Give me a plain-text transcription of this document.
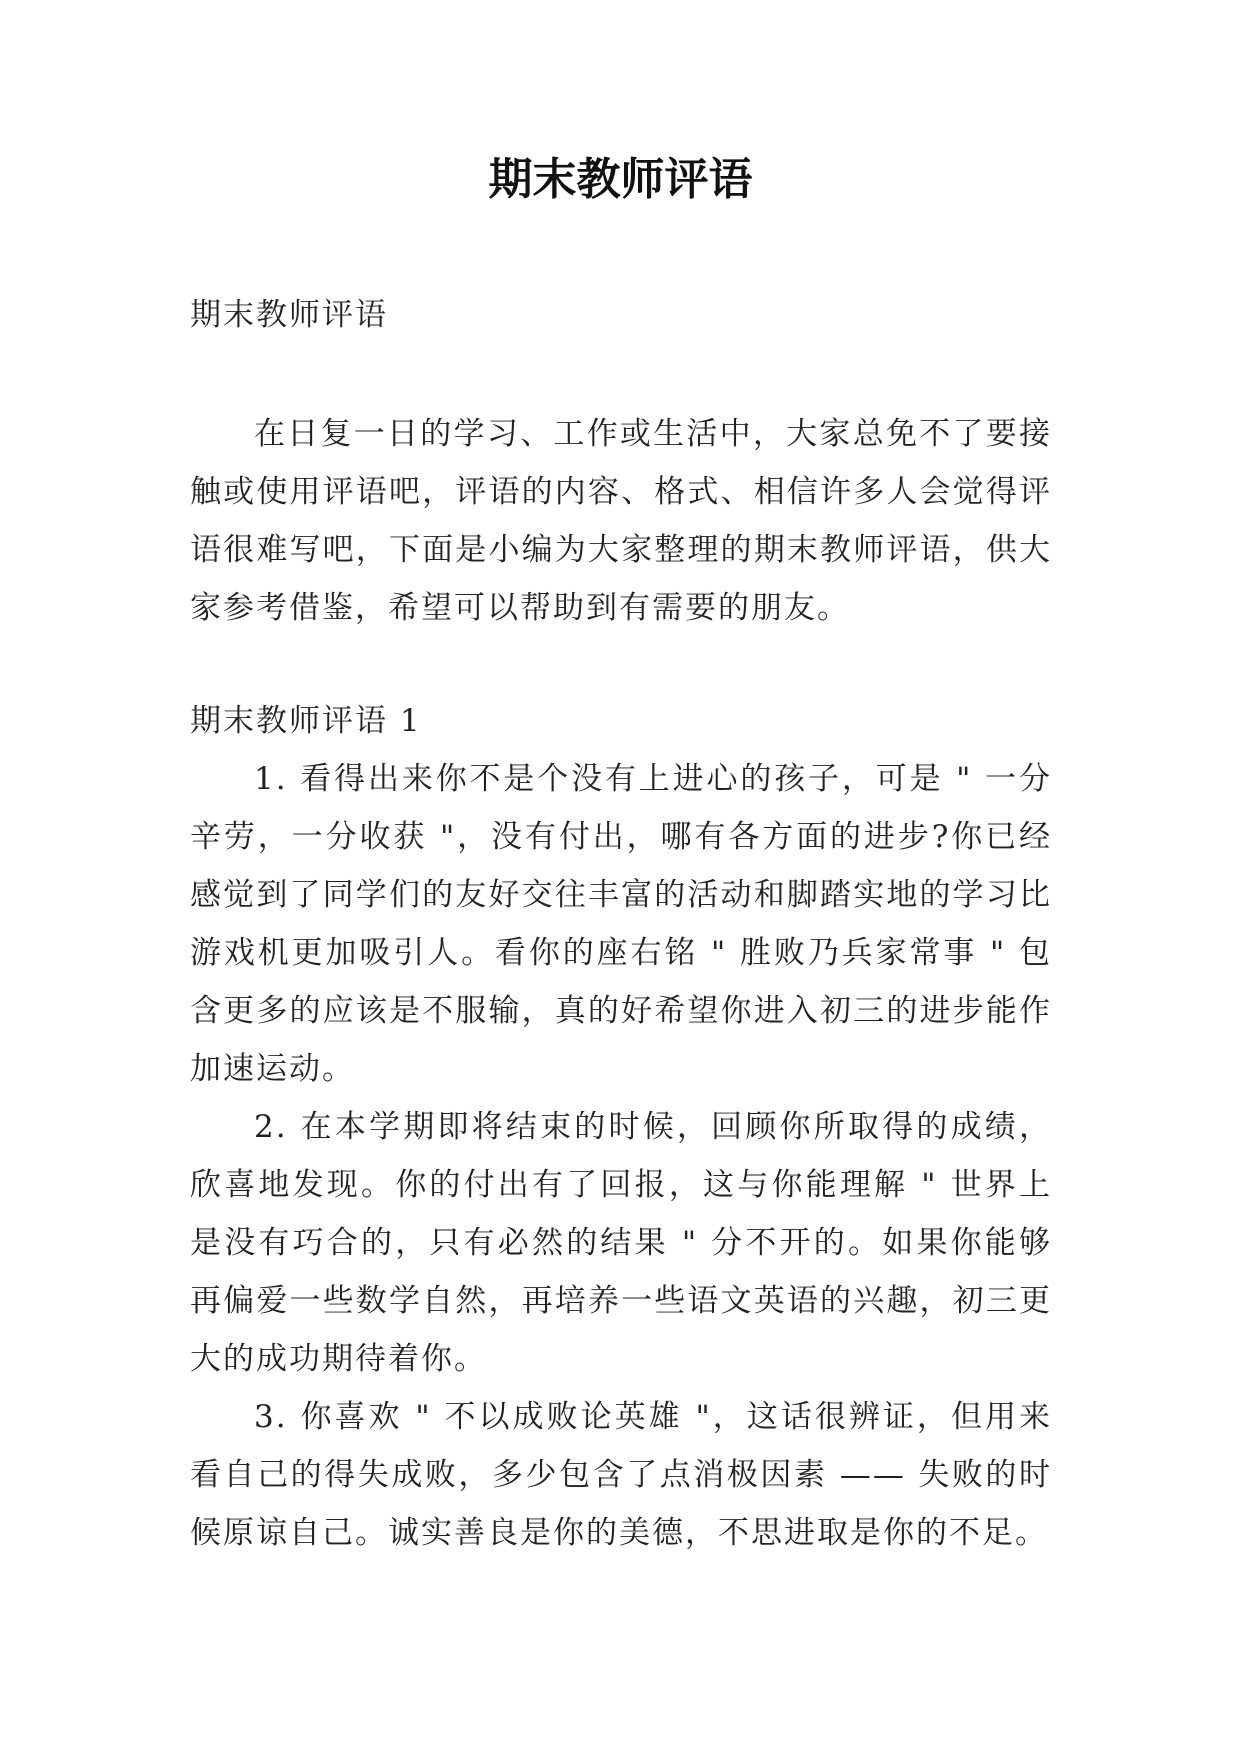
期末教师评语

期末教师评语

在日复一日的学习、工作或生活中，大家总免不了要接触或使用评语吧，评语的内容、格式、相信许多人会觉得评语很难写吧，下面是小编为大家整理的期末教师评语，供大家参考借鉴，希望可以帮助到有需要的朋友。

期末教师评语 1

1. 看得出来你不是个没有上进心的孩子，可是 " 一分辛劳，一分收获 "，没有付出，哪有各方面的进步?你已经感觉到了同学们的友好交往丰富的活动和脚踏实地的学习比游戏机更加吸引人。看你的座右铭 " 胜败乃兵家常事 " 包含更多的应该是不服输，真的好希望你进入初三的进步能作加速运动。

2. 在本学期即将结束的时候，回顾你所取得的成绩，欣喜地发现。你的付出有了回报，这与你能理解 " 世界上是没有巧合的，只有必然的结果 " 分不开的。如果你能够再偏爱一些数学自然，再培养一些语文英语的兴趣，初三更大的成功期待着你。

3. 你喜欢 " 不以成败论英雄 "，这话很辨证，但用来看自己的得失成败，多少包含了点消极因素 —— 失败的时候原谅自己。诚实善良是你的美德，不思进取是你的不足。
